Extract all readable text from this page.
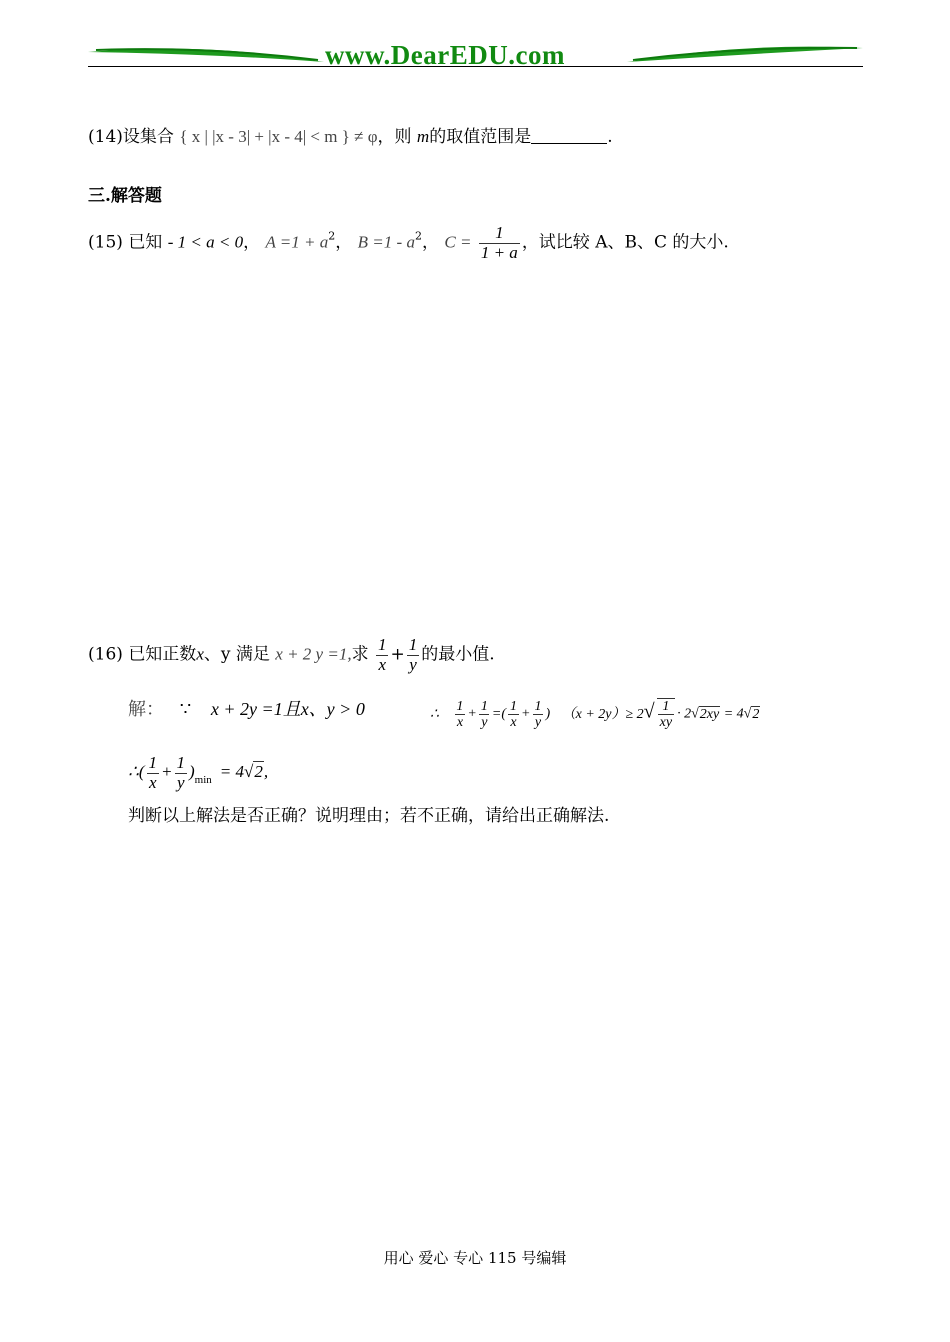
www.DearEDU.com
(14)设集合 { x | |x - 3| + |x - 4| < m } ≠ φ，则 m的取值范围是	.
三.解答题
(15) 已知 - 1 < a < 0， $A =1 + a^2$， $B =1 - a^2$， $C = \frac{1}{1 + a}$ ，试比较 A、B、C 的大小.
(16) 已知正数x、y 满足 x + 2 y =1,求 $\frac{1}{x} + \frac{1}{y}$ 的最小值.
解： ∵ x + 2y =1且x、y > 0	∴ $\frac{1}{x} + \frac{1}{y}$ =( $\frac{1}{x} + \frac{1}{y}$ ) $(x + 2y)\ge 2√ \frac{1}{xy} \cdot 2√2xy = 4√2$
∴( $\frac{1}{x} + \frac{1}{y} )_{min} = 4√2$,
判断以上解法是否正确？说明理由；若不正确，请给出正确解法.
用心 爱心 专心 115 号编辑
